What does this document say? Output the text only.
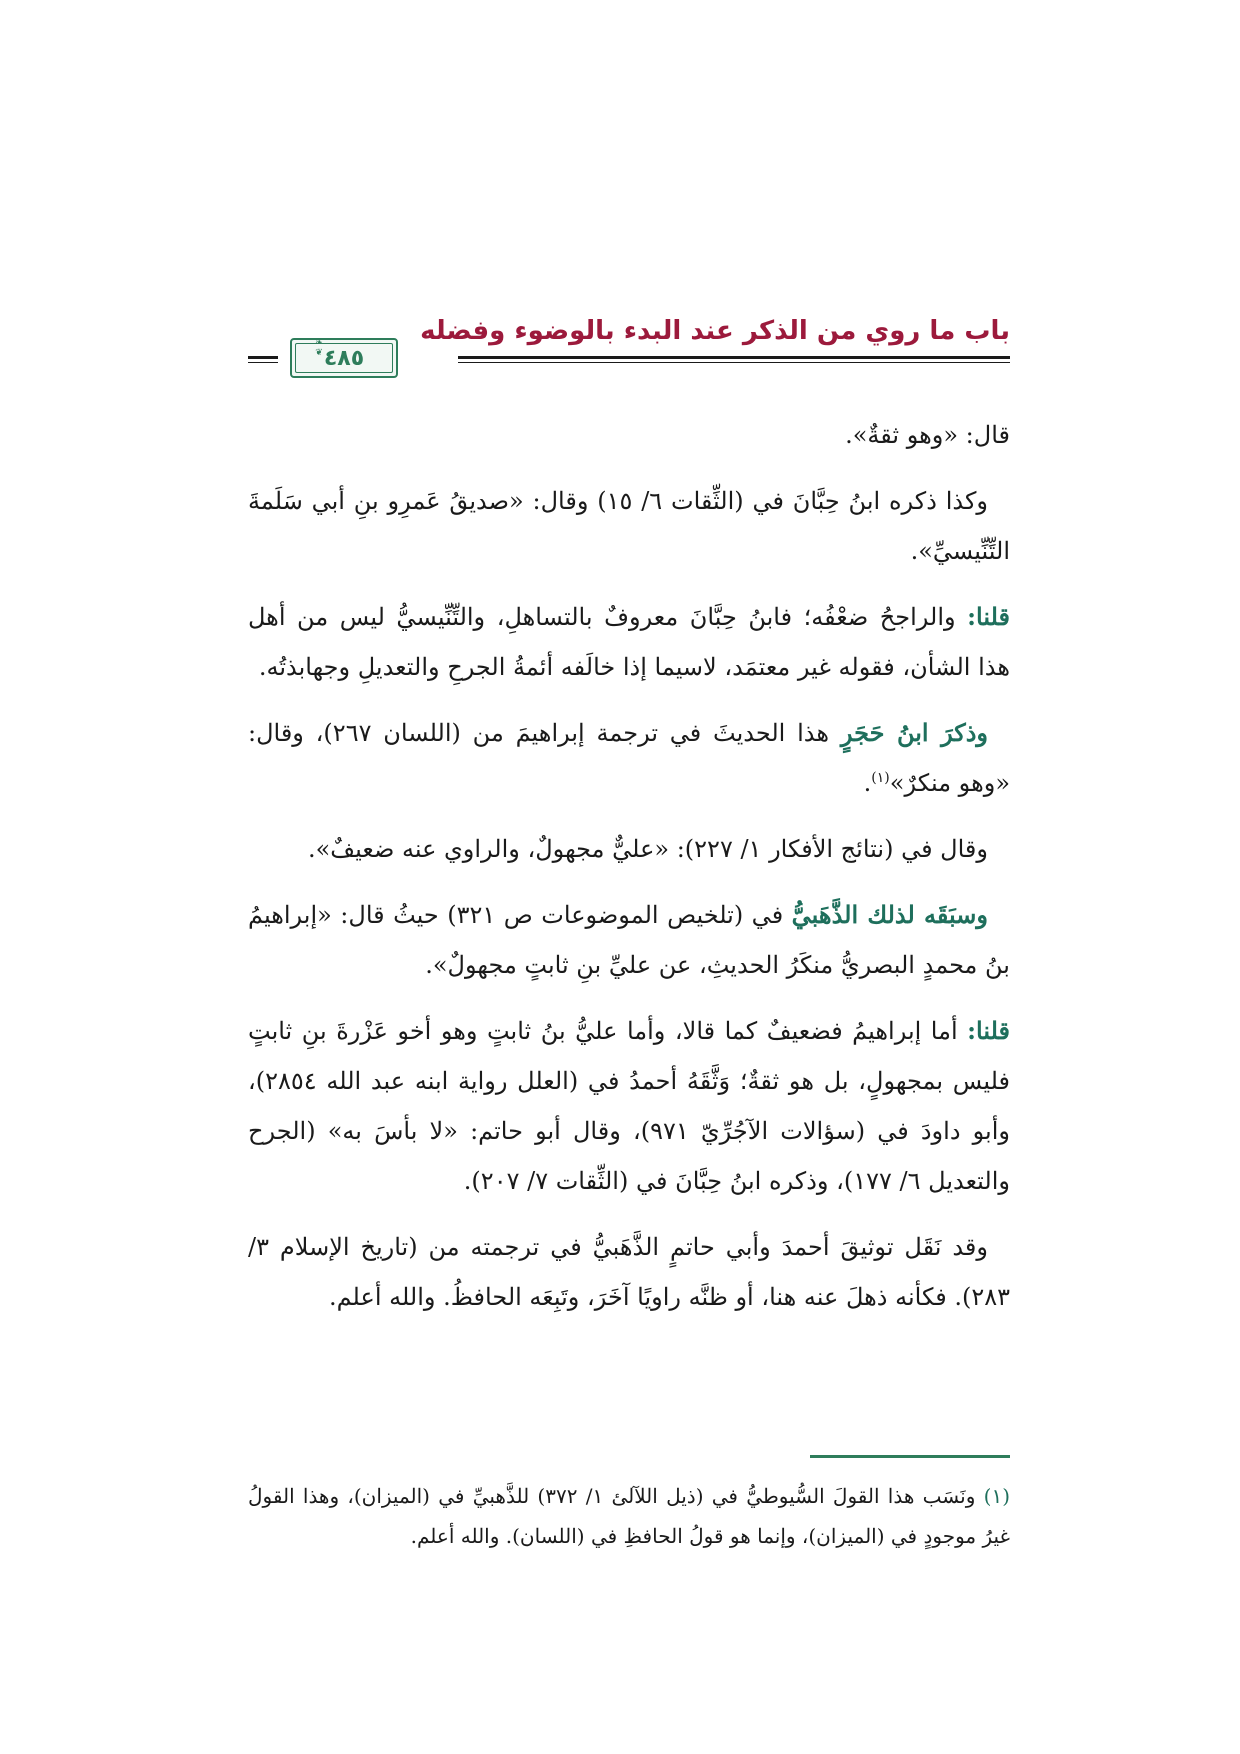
باب ما روي من الذكر عند البدء بالوضوء وفضله
٤٨٥
❧ ❦

قال: «وهو ثقةٌ».

وكذا ذكره ابنُ حِبَّانَ في (الثِّقات ٦/ ١٥) وقال: «صديقُ عَمرِو بنِ أبي سَلَمةَ التِّنِّيسيِّ».

قلنا: والراجحُ ضعْفُه؛ فابنُ حِبَّانَ معروفٌ بالتساهلِ، والتِّنِّيسيُّ ليس من أهل هذا الشأن، فقوله غير معتمَد، لاسيما إذا خالَفه أئمةُ الجرحِ والتعديلِ وجهابذتُه.

وذكرَ ابنُ حَجَرٍ هذا الحديثَ في ترجمة إبراهيمَ من (اللسان ٢٦٧)، وقال: «وهو منكرٌ»$^{(١)}$.

وقال في (نتائج الأفكار ١/ ٢٢٧): «عليٌّ مجهولٌ، والراوي عنه ضعيفٌ».

وسبَقَه لذلك الذَّهَبيُّ في (تلخيص الموضوعات ص ٣٢١) حيثُ قال: «إبراهيمُ بنُ محمدٍ البصريُّ منكَرُ الحديثِ، عن عليِّ بنِ ثابتٍ مجهولٌ».

قلنا: أما إبراهيمُ فضعيفٌ كما قالا، وأما عليُّ بنُ ثابتٍ وهو أخو عَزْرةَ بنِ ثابتٍ فليس بمجهولٍ، بل هو ثقةٌ؛ وَثَّقَهُ أحمدُ في (العلل رواية ابنه عبد الله ٢٨٥٤)، وأبو داودَ في (سؤالات الآجُرِّيّ ٩٧١)، وقال أبو حاتم: «لا بأسَ به» (الجرح والتعديل ٦/ ١٧٧)، وذكره ابنُ حِبَّانَ في (الثِّقات ٧/ ٢٠٧).

وقد نَقَل توثيقَ أحمدَ وأبي حاتمٍ الذَّهَبيُّ في ترجمته من (تاريخ الإسلام ٣/ ٢٨٣). فكأنه ذهلَ عنه هنا، أو ظنَّه راويًا آخَرَ، وتَبِعَه الحافظُ. والله أعلم.

(١) ونَسَب هذا القولَ السُّيوطيُّ في (ذيل اللآلئ ١/ ٣٧٢) للذَّهبيِّ في (الميزان)، وهذا القولُ غيرُ موجودٍ في (الميزان)، وإنما هو قولُ الحافظِ في (اللسان). والله أعلم.
